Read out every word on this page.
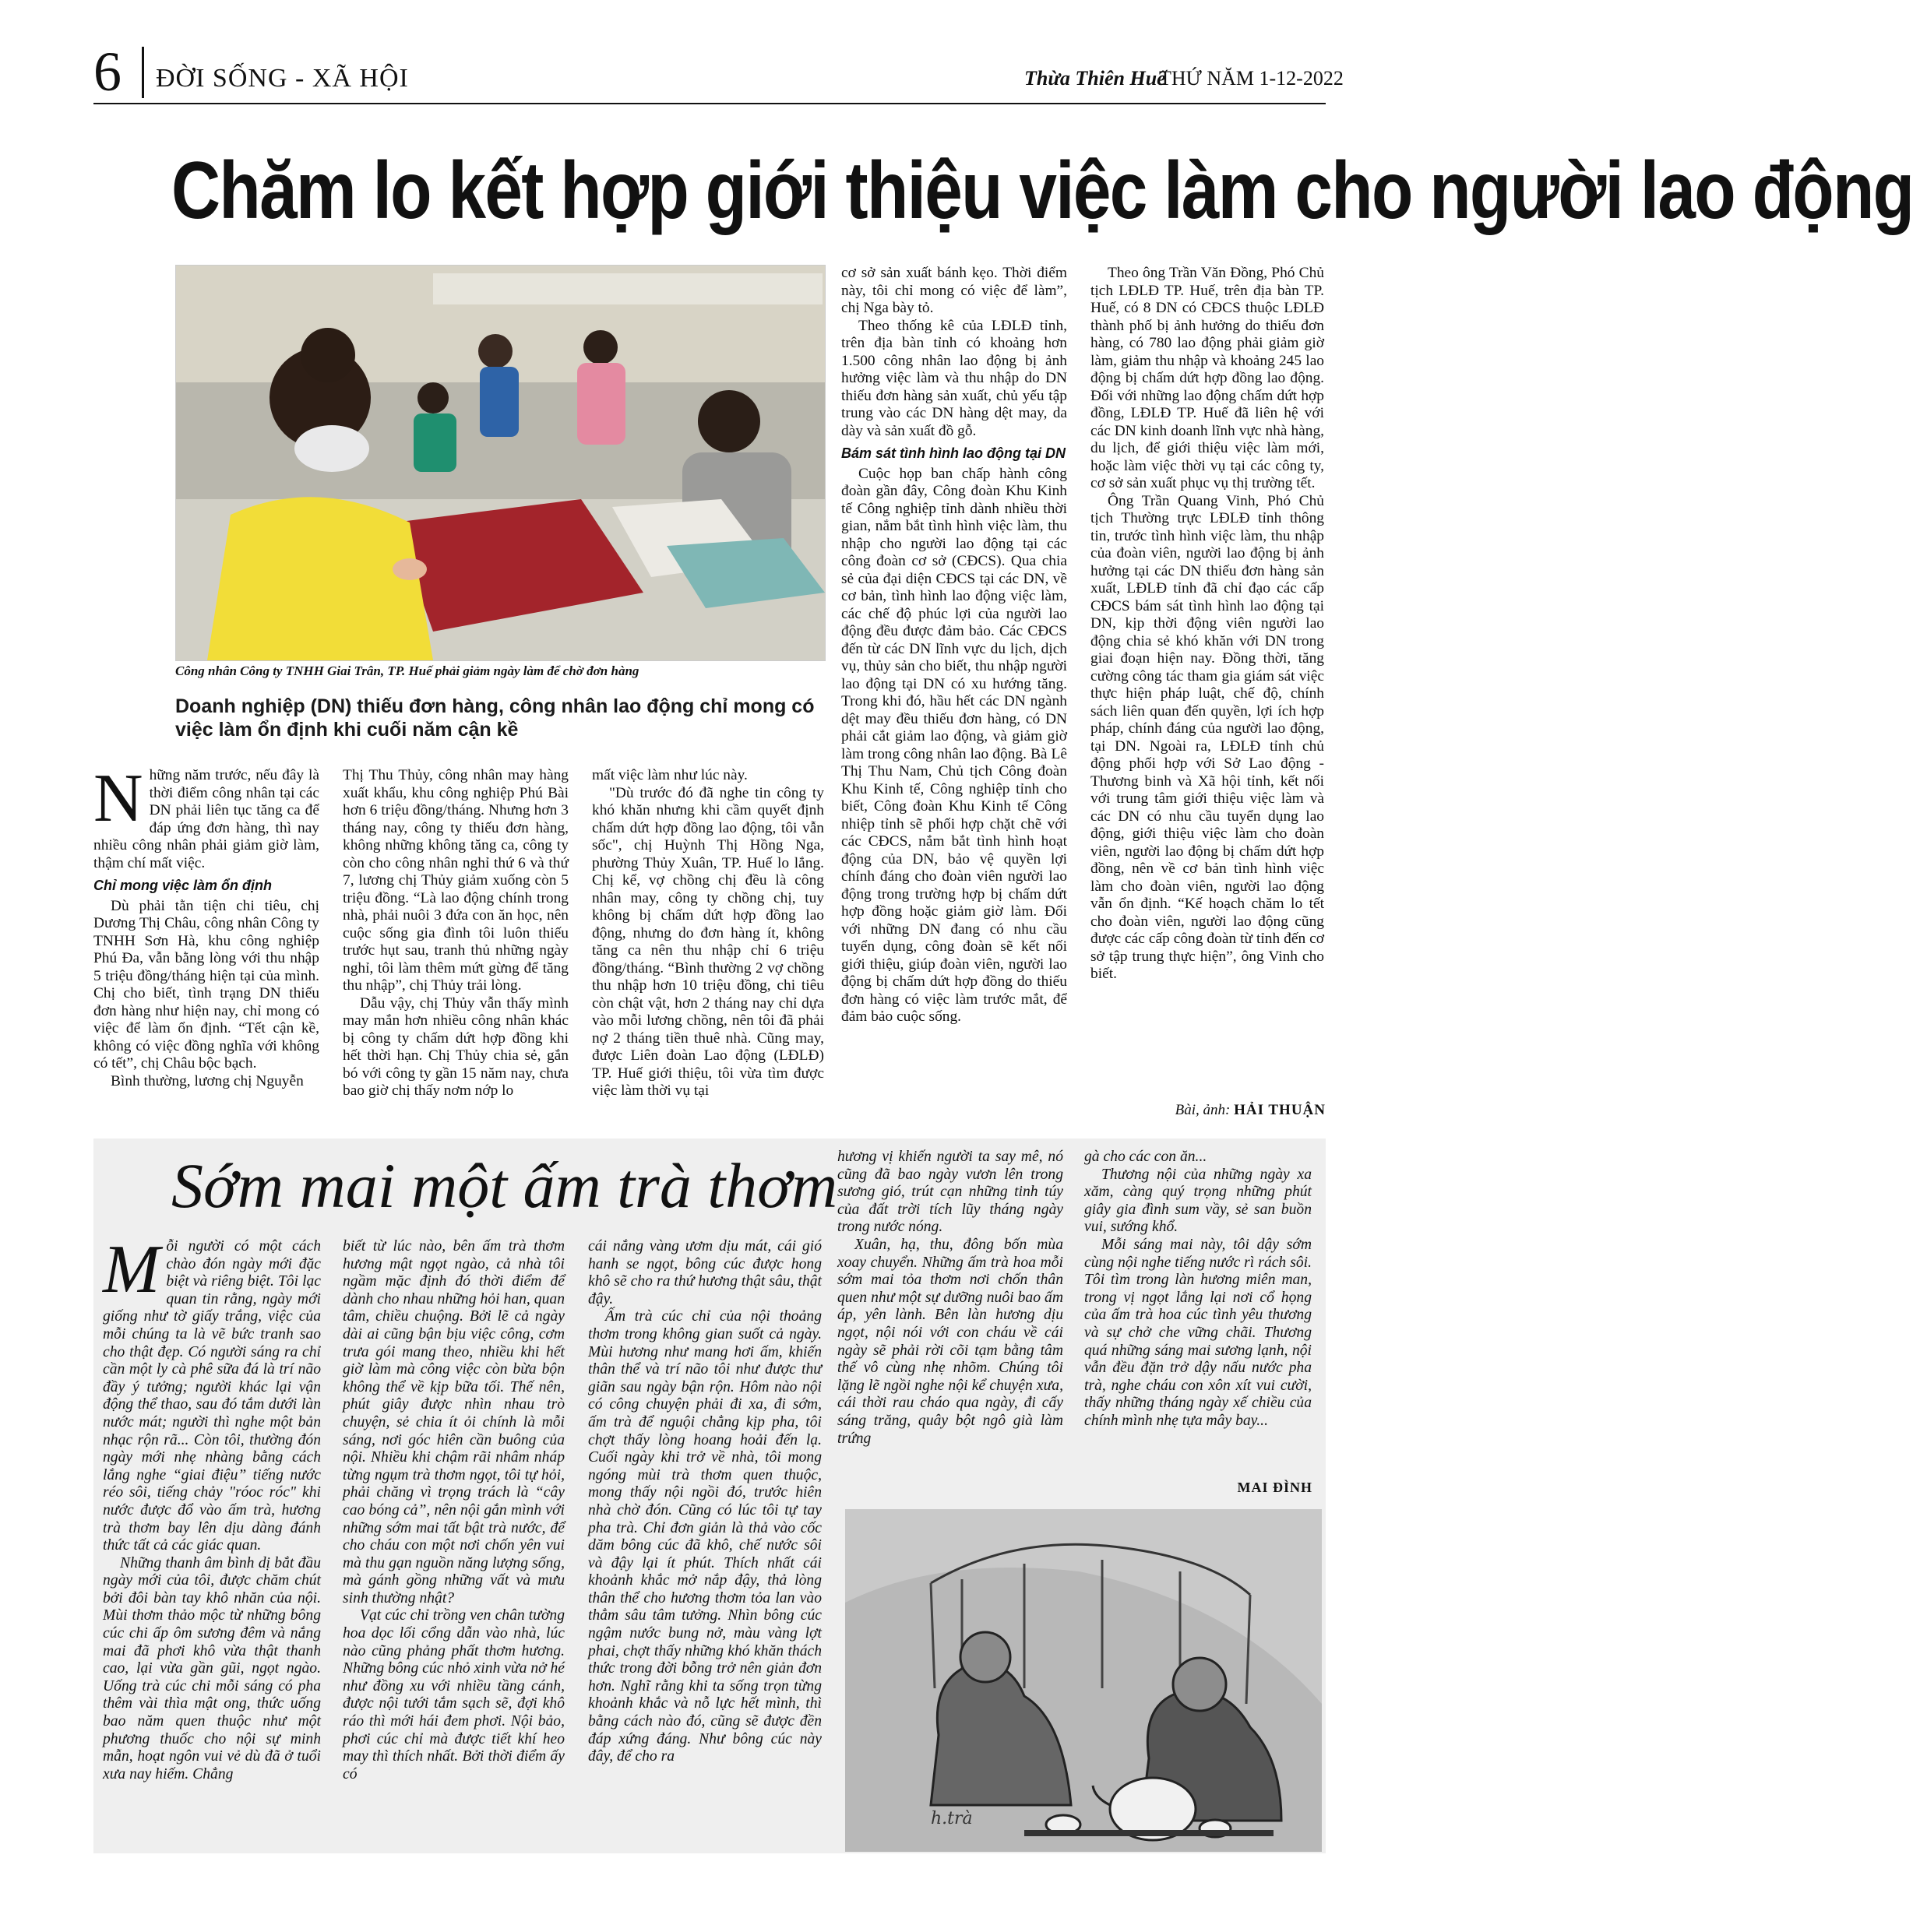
6 ĐỜI SỐNG - XÃ HỘI	Thừa Thiên Huế
THỨ NĂM 1-12-2022
Chăm lo kết hợp giới thiệu việc làm cho người lao động
Công nhân Công ty TNHH Giai Trân, TP. Huế phải giảm ngày làm để chờ đơn hàng
Doanh nghiệp (DN) thiếu đơn hàng, công nhân lao động chỉ mong có việc làm ổn định khi cuối năm cận kề
N hững năm trước, nếu đây là thời điểm công nhân tại các DN phải liên tục tăng ca để đáp ứng đơn hàng, thì nay nhiều công nhân phải giảm giờ làm, thậm chí mất việc.

Chỉ mong việc làm ổn định

Dù phải tằn tiện chi tiêu, chị Dương Thị Châu, công nhân Công ty TNHH Sơn Hà, khu công nghiệp Phú Đa, vẫn bằng lòng với thu nhập 5 triệu đồng/tháng hiện tại của mình. Chị cho biết, tình trạng DN thiếu đơn hàng như hiện nay, chỉ mong có việc để làm ổn định. “Tết cận kề, không có việc đồng nghĩa với không có tết”, chị Châu bộc bạch.

Bình thường, lương chị Nguyễn

Thị Thu Thủy, công nhân may hàng xuất khẩu, khu công nghiệp Phú Bài hơn 6 triệu đồng/tháng. Nhưng hơn 3 tháng nay, công ty thiếu đơn hàng, không những không tăng ca, công ty còn cho công nhân nghỉ thứ 6 và thứ 7, lương chị Thủy giảm xuống còn 5 triệu đồng. “Là lao động chính trong nhà, phải nuôi 3 đứa con ăn học, nên cuộc sống gia đình tôi luôn thiếu trước hụt sau, tranh thủ những ngày nghỉ, tôi làm thêm mứt gừng để tăng thu nhập”, chị Thủy trải lòng.

Dẫu vậy, chị Thủy vẫn thấy mình may mắn hơn nhiều công nhân khác bị công ty chấm dứt hợp đồng khi hết thời hạn. Chị Thủy chia sẻ, gắn bó với công ty gần 15 năm nay, chưa bao giờ chị thấy nơm nớp lo

mất việc làm như lúc này.

"Dù trước đó đã nghe tin công ty khó khăn nhưng khi cầm quyết định chấm dứt hợp đồng lao động, tôi vẫn sốc", chị Huỳnh Thị Hồng Nga, phường Thủy Xuân, TP. Huế lo lắng. Chị kể, vợ chồng chị đều là công nhân may, công ty chồng chị, tuy không bị chấm dứt hợp đồng lao động, nhưng do đơn hàng ít, không tăng ca nên thu nhập chỉ 6 triệu đồng/tháng. “Bình thường 2 vợ chồng thu nhập hơn 10 triệu đồng, chi tiêu còn chật vật, hơn 2 tháng nay chỉ dựa vào mỗi lương chồng, nên tôi đã phải nợ 2 tháng tiền thuê nhà. Cũng may, được Liên đoàn Lao động (LĐLĐ) TP. Huế giới thiệu, tôi vừa tìm được việc làm thời vụ tại

cơ sở sản xuất bánh kẹo. Thời điểm này, tôi chỉ mong có việc để làm”, chị Nga bày tỏ.

Theo thống kê của LĐLĐ tỉnh, trên địa bàn tỉnh có khoảng hơn 1.500 công nhân lao động bị ảnh hưởng việc làm và thu nhập do DN thiếu đơn hàng sản xuất, chủ yếu tập trung vào các DN hàng dệt may, da dày và sản xuất đồ gỗ.

Bám sát tình hình lao động tại DN

Cuộc họp ban chấp hành công đoàn gần đây, Công đoàn Khu Kinh tế Công nghiệp tỉnh dành nhiều thời gian, nắm bắt tình hình việc làm, thu nhập cho người lao động tại các công đoàn cơ sở (CĐCS). Qua chia sẻ của đại diện CĐCS tại các DN, về cơ bản, tình hình lao động việc làm, các chế độ phúc lợi của người lao động đều được đảm bảo. Các CĐCS đến từ các DN lĩnh vực du lịch, dịch vụ, thủy sản cho biết, thu nhập người lao động tại DN có xu hướng tăng. Trong khi đó, hầu hết các DN ngành dệt may đều thiếu đơn hàng, có DN phải cắt giảm lao động, và giảm giờ làm trong công nhân lao động. Bà Lê Thị Thu Nam, Chủ tịch Công đoàn Khu Kinh tế, Công nghiệp tỉnh cho biết, Công đoàn Khu Kinh tế Công nhiệp tỉnh sẽ phối hợp chặt chẽ với các CĐCS, nắm bắt tình hình hoạt động của DN, bảo vệ quyền lợi chính đáng cho đoàn viên người lao động trong trường hợp bị chấm dứt hợp đồng hoặc giảm giờ làm. Đối với những DN đang có nhu cầu tuyển dụng, công đoàn sẽ kết nối giới thiệu, giúp đoàn viên, người lao động bị chấm dứt hợp đồng do thiếu đơn hàng có việc làm trước mắt, để đảm bảo cuộc sống.

Theo ông Trần Văn Đồng, Phó Chủ tịch LĐLĐ TP. Huế, trên địa bàn TP. Huế, có 8 DN có CĐCS thuộc LĐLĐ thành phố bị ảnh hưởng do thiếu đơn hàng, có 780 lao động phải giảm giờ làm, giảm thu nhập và khoảng 245 lao động bị chấm dứt hợp đồng lao động. Đối với những lao động chấm dứt hợp đồng, LĐLĐ TP. Huế đã liên hệ với các DN kinh doanh lĩnh vực nhà hàng, du lịch, để giới thiệu việc làm mới, hoặc làm việc thời vụ tại các công ty, cơ sở sản xuất phục vụ thị trường tết.

Ông Trần Quang Vinh, Phó Chủ tịch Thường trực LĐLĐ tỉnh thông tin, trước tình hình việc làm, thu nhập của đoàn viên, người lao động bị ảnh hưởng tại các DN thiếu đơn hàng sản xuất, LĐLĐ tỉnh đã chỉ đạo các cấp CĐCS bám sát tình hình lao động tại DN, kịp thời động viên người lao động chia sẻ khó khăn với DN trong giai đoạn hiện nay. Đồng thời, tăng cường công tác tham gia giám sát việc thực hiện pháp luật, chế độ, chính sách liên quan đến quyền, lợi ích hợp pháp, chính đáng của người lao động, tại DN. Ngoài ra, LĐLĐ tỉnh chủ động phối hợp với Sở Lao động - Thương binh và Xã hội tỉnh, kết nối với trung tâm giới thiệu việc làm và các DN có nhu cầu tuyển dụng lao động, giới thiệu việc làm cho đoàn viên, người lao động bị chấm dứt hợp đồng, nên về cơ bản tình hình việc làm cho đoàn viên, người lao động vẫn ổn định. “Kế hoạch chăm lo tết cho đoàn viên, người lao động cũng được các cấp công đoàn từ tỉnh đến cơ sở tập trung thực hiện”, ông Vinh cho biết.

Bài, ảnh: HẢI THUẬN
Sớm mai một ấm trà thơm
M ỗi người có một cách chào đón ngày mới đặc biệt và riêng biệt. Tôi lạc quan tin rằng, ngày mới giống như tờ giấy trắng, việc của mỗi chúng ta là vẽ bức tranh sao cho thật đẹp. Có người sáng ra chỉ cần một ly cà phê sữa đá là trí não đầy ý tưởng; người khác lại vận động thể thao, sau đó tắm dưới làn nước mát; người thì nghe một bản nhạc rộn rã... Còn tôi, thường đón ngày mới nhẹ nhàng bằng cách lắng nghe “giai điệu” tiếng nước réo sôi, tiếng chảy "róoc róc" khi nước được đổ vào ấm trà, hương trà thơm bay lên dịu dàng đánh thức tất cả các giác quan.

Những thanh âm bình dị bắt đầu ngày mới của tôi, được chăm chút bởi đôi bàn tay khô nhăn của nội. Mùi thơm thảo mộc từ những bông cúc chi ấp ôm sương đêm và nắng mai đã phơi khô vừa thật thanh cao, lại vừa gần gũi, ngọt ngào. Uống trà cúc chi mỗi sáng có pha thêm vài thìa mật ong, thức uống bao năm quen thuộc như một phương thuốc cho nội sự minh mẫn, hoạt ngôn vui vẻ dù đã ở tuổi xưa nay hiếm. Chẳng

biết từ lúc nào, bên ấm trà thơm hương mật ngọt ngào, cả nhà tôi ngầm mặc định đó thời điểm để dành cho nhau những hỏi han, quan tâm, chiều chuộng. Bởi lẽ cả ngày dài ai cũng bận bịu việc công, cơm trưa gói mang theo, nhiều khi hết giờ làm mà công việc còn bừa bộn không thể về kịp bữa tối. Thế nên, phút giây được nhìn nhau trò chuyện, sẻ chia ít ỏi chính là mỗi sáng, nơi góc hiên cần buông của nội. Nhiều khi chậm rãi nhâm nháp từng ngụm trà thơm ngọt, tôi tự hỏi, phải chăng vì trọng trách là “cây cao bóng cả”, nên nội gắn mình với những sớm mai tất bật trà nước, để cho cháu con một nơi chốn yên vui mà thu gạn nguồn năng lượng sống, mà gánh gồng những vất và mưu sinh thường nhật?

Vạt cúc chỉ trồng ven chân tường hoa dọc lối cổng dẫn vào nhà, lúc nào cũng phảng phất thơm hương. Những bông cúc nhỏ xinh vừa nở hé như đồng xu với nhiều tầng cánh, được nội tưới tắm sạch sẽ, đợi khô ráo thì mới hái đem phơi. Nội bảo, phơi cúc chỉ mà được tiết khí heo may thì thích nhất. Bởi thời điểm ấy có

cái nắng vàng ươm dịu mát, cái gió hanh se ngọt, bông cúc được hong khô sẽ cho ra thứ hương thật sâu, thật đậy.

Ấm trà cúc chỉ của nội thoảng thơm trong không gian suốt cả ngày. Mùi hương như mang hơi ấm, khiến thân thể và trí não tôi như được thư giãn sau ngày bận rộn. Hôm nào nội có công chuyện phải đi xa, đi sớm, ấm trà để nguội chẳng kịp pha, tôi chợt thấy lòng hoang hoải đến lạ. Cuối ngày khi trở về nhà, tôi mong ngóng mùi trà thơm quen thuộc, mong thấy nội ngồi đó, trước hiên nhà chờ đón. Cũng có lúc tôi tự tay pha trà. Chỉ đơn giản là thả vào cốc dăm bông cúc đã khô, chế nước sôi và đậy lại ít phút. Thích nhất cái khoảnh khắc mở nắp đậy, thả lòng thân thể cho hương thơm tỏa lan vào thẳm sâu tâm tưởng. Nhìn bông cúc ngậm nước bung nở, màu vàng lợt phai, chợt thấy những khó khăn thách thức trong đời bỗng trở nên giản đơn hơn. Nghĩ rằng khi ta sống trọn từng khoảnh khắc và nỗ lực hết mình, thì bằng cách nào đó, cũng sẽ được đền đáp xứng đáng. Như bông cúc này đây, để cho ra

hương vị khiến người ta say mê, nó cũng đã bao ngày vươn lên trong sương gió, trút cạn những tinh túy của đất trời tích lũy tháng ngày trong nước nóng.

Xuân, hạ, thu, đông bốn mùa xoay chuyển. Những ấm trà hoa mỗi sớm mai tỏa thơm nơi chốn thân quen như một sự dưỡng nuôi bao ấm áp, yên lành. Bên làn hương dịu ngọt, nội nói với con cháu về cái ngày sẽ phải rời cõi tạm bằng tâm thế vô cùng nhẹ nhõm. Chúng tôi lặng lẽ ngồi nghe nội kể chuyện xưa, cái thời rau cháo qua ngày, đi cấy sáng trăng, quây bột ngô già làm trứng

gà cho các con ăn...

Thương nội của những ngày xa xăm, càng quý trọng những phút giây gia đình sum vầy, sẻ san buồn vui, sướng khổ.

Mỗi sáng mai này, tôi dậy sớm cùng nội nghe tiếng nước rì rách sôi. Tôi tìm trong làn hương miên man, trong vị ngọt lắng lại nơi cổ họng của ấm trà hoa cúc tình yêu thương và sự chở che vững chãi. Thương quá những sáng mai sương lạnh, nội vẫn đều đặn trở dậy nấu nước pha trà, nghe cháu con xôn xít vui cười, thấy những tháng ngày xế chiều của chính mình nhẹ tựa mây bay...

MAI ĐÌNH
h.trà
